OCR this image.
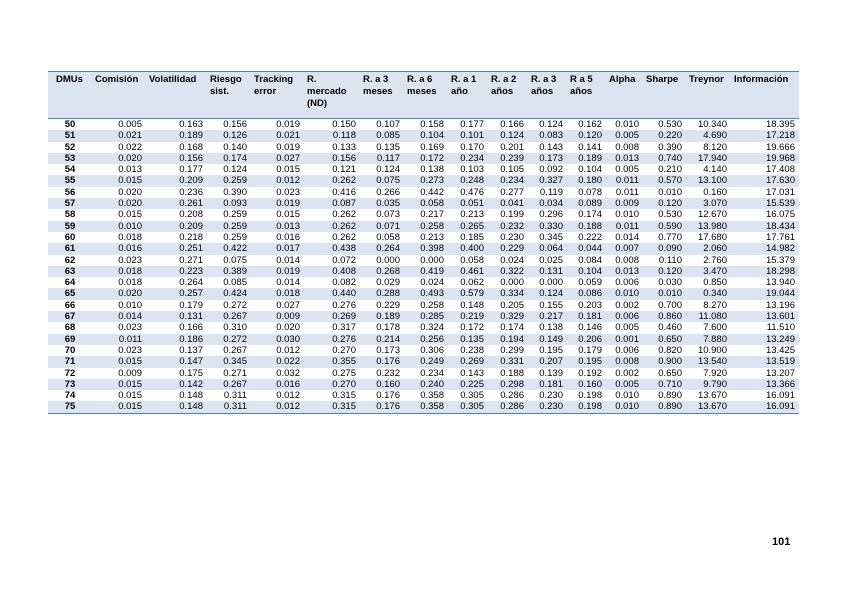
DMUs	Comisión	Volatilidad	Riesgo sist.	Tracking error	R. mercado (ND)	R. a 3 meses	R. a 6 meses	R. a 1 año	R. a 2 años	R. a 3 años	R a 5 años	Alpha	Sharpe	Treynor	Información
50	0.005	0.163	0.156	0.019	0.150	0.107	0.158	0.177	0.166	0.124	0.162	0.010	0.530	10.340	18.395
51	0.021	0.189	0.126	0.021	0.118	0.085	0.104	0.101	0.124	0.083	0.120	0.005	0.220	4.690	17.218
52	0.022	0.168	0.140	0.019	0.133	0.135	0.169	0.170	0.201	0.143	0.141	0.008	0.390	8.120	19.666
53	0.020	0.156	0.174	0.027	0.156	0.117	0.172	0.234	0.239	0.173	0.189	0.013	0.740	17.940	19.968
54	0.013	0.177	0.124	0.015	0.121	0.124	0.138	0.103	0.105	0.092	0.104	0.005	0.210	4.140	17.408
55	0.015	0.209	0.259	0.012	0.262	0.075	0.273	0.248	0.234	0.327	0.180	0.011	0.570	13.100	17.630
56	0.020	0.236	0.390	0.023	0.416	0.266	0.442	0.476	0.277	0.119	0.078	0.011	0.010	0.160	17.031
57	0.020	0.261	0.093	0.019	0.087	0.035	0.058	0.051	0.041	0.034	0.089	0.009	0.120	3.070	15.539
58	0.015	0.208	0.259	0.015	0.262	0.073	0.217	0.213	0.199	0.296	0.174	0.010	0.530	12.670	16.075
59	0.010	0.209	0.259	0.013	0.262	0.071	0.258	0.265	0.232	0.330	0.188	0.011	0.590	13.980	18.434
60	0.018	0.218	0.259	0.016	0.262	0.058	0.213	0.185	0.230	0.345	0.222	0.014	0.770	17.680	17.761
61	0.016	0.251	0.422	0.017	0.438	0.264	0.398	0.400	0.229	0.064	0.044	0.007	0.090	2.060	14.982
62	0.023	0.271	0.075	0.014	0.072	0.000	0.000	0.058	0.024	0.025	0.084	0.008	0.110	2.760	15.379
63	0.018	0.223	0.389	0.019	0.408	0.268	0.419	0.461	0.322	0.131	0.104	0.013	0.120	3.470	18.298
64	0.018	0.264	0.085	0.014	0.082	0.029	0.024	0.062	0.000	0.000	0.059	0.006	0.030	0.850	13.940
65	0.020	0.257	0.424	0.018	0.440	0.288	0.493	0.579	0.334	0.124	0.086	0.010	0.010	0.340	19.044
66	0.010	0.179	0.272	0.027	0.276	0.229	0.258	0.148	0.205	0.155	0.203	0.002	0.700	8.270	13.196
67	0.014	0.131	0.267	0.009	0.269	0.189	0.285	0.219	0.329	0.217	0.181	0.006	0.860	11.080	13.601
68	0.023	0.166	0.310	0.020	0.317	0.178	0.324	0.172	0.174	0.138	0.146	0.005	0.460	7.600	11.510
69	0.011	0.186	0.272	0.030	0.276	0.214	0.256	0.135	0.194	0.149	0.206	0.001	0.650	7.880	13.249
70	0.023	0.137	0.267	0.012	0.270	0.173	0.306	0.238	0.299	0.195	0.179	0.006	0.820	10.900	13.425
71	0.015	0.147	0.345	0.022	0.355	0.176	0.249	0.269	0.331	0.207	0.195	0.008	0.900	13.540	13.519
72	0.009	0.175	0.271	0.032	0.275	0.232	0.234	0.143	0.188	0.139	0.192	0.002	0.650	7.920	13.207
73	0.015	0.142	0.267	0.016	0.270	0.160	0.240	0.225	0.298	0.181	0.160	0.005	0.710	9.790	13.366
74	0.015	0.148	0.311	0.012	0.315	0.176	0.358	0.305	0.286	0.230	0.198	0.010	0.890	13.670	16.091
75	0.015	0.148	0.311	0.012	0.315	0.176	0.358	0.305	0.286	0.230	0.198	0.010	0.890	13.670	16.091
101
